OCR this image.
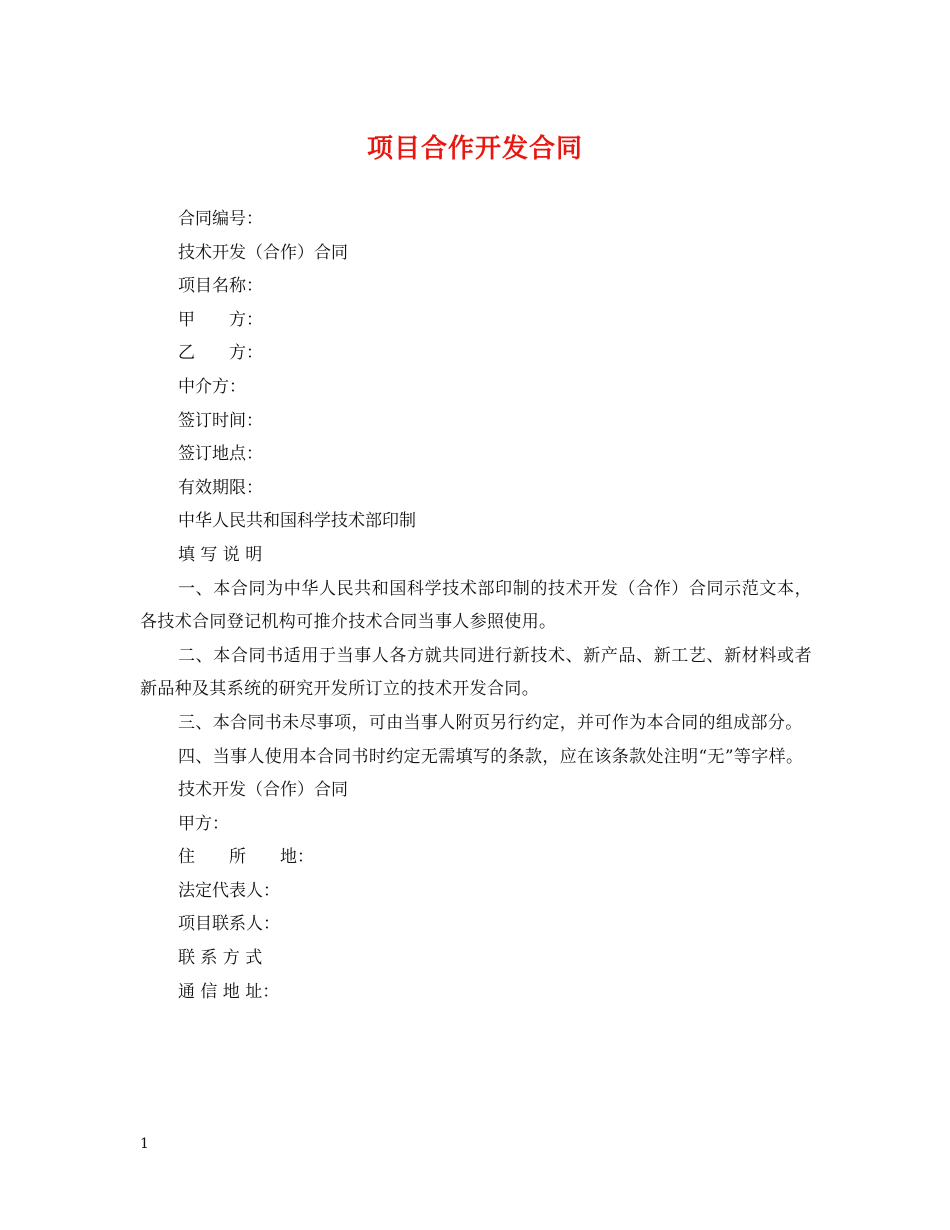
项目合作开发合同

合同编号：

技术开发（合作）合同

项目名称：

甲　　方：

乙　　方：

中介方：

签订时间：

签订地点：

有效期限：

中华人民共和国科学技术部印制

填 写 说 明

一、本合同为中华人民共和国科学技术部印制的技术开发（合作）合同示范文本，各技术合同登记机构可推介技术合同当事人参照使用。

二、本合同书适用于当事人各方就共同进行新技术、新产品、新工艺、新材料或者新品种及其系统的研究开发所订立的技术开发合同。

三、本合同书未尽事项，可由当事人附页另行约定，并可作为本合同的组成部分。

四、当事人使用本合同书时约定无需填写的条款，应在该条款处注明“无”等字样。

技术开发（合作）合同

甲方：

住　　所　　地：

法定代表人：

项目联系人：

联 系 方 式

通 信 地 址：

1
